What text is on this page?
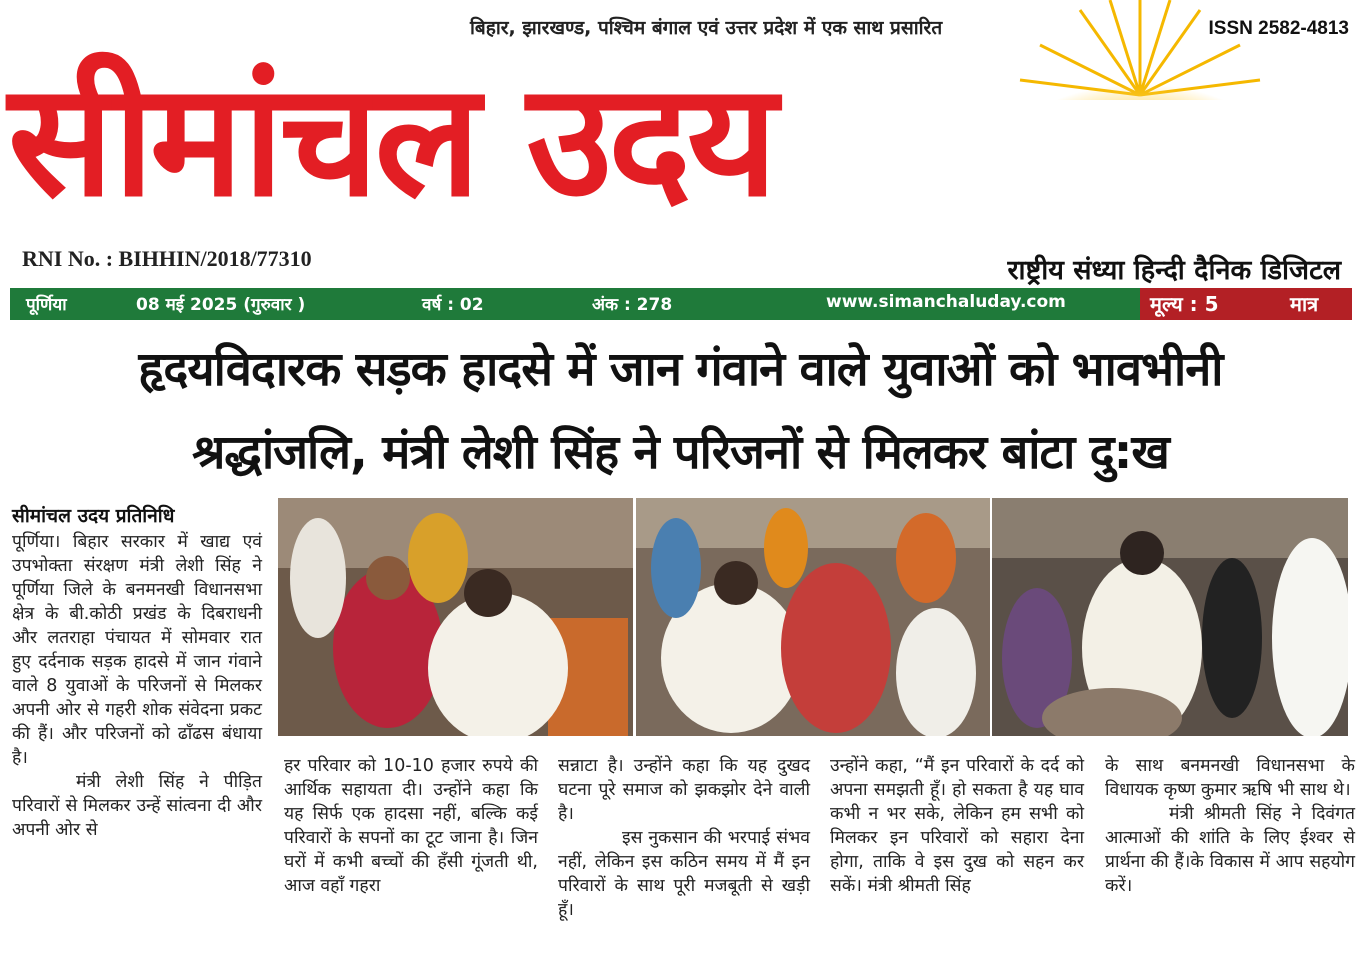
बिहार, झारखण्ड, पश्चिम बंगाल एवं उत्तर प्रदेश में एक साथ प्रसारित	ISSN 2582-4813
सीमांचल उदय
RNI No. : BIHHIN/2018/77310	राष्ट्रीय संध्या हिन्दी दैनिक डिजिटल
पूर्णिया	08 मई 2025 (गुरुवार )	वर्ष : 02	अंक : 278	www.simanchaluday.com	मूल्य : 5	मात्र
हृदयविदारक सड़क हादसे में जान गंवाने वाले युवाओं को भावभीनी
श्रद्धांजलि, मंत्री लेशी सिंह ने परिजनों से मिलकर बांटा दु:ख
सीमांचल उदय प्रतिनिधि

पूर्णिया। बिहार सरकार में खाद्य एवं उपभोक्ता संरक्षण मंत्री लेशी सिंह ने पूर्णिया जिले के बनमनखी विधानसभा क्षेत्र के बी.कोठी प्रखंड के दिबराधनी और लतराहा पंचायत में सोमवार रात हुए दर्दनाक सड़क हादसे में जान गंवाने वाले 8 युवाओं के परिजनों से मिलकर अपनी ओर से गहरी शोक संवेदना प्रकट की हैं। और परिजनों को ढाँढस बंधाया है।

मंत्री लेशी सिंह ने पीड़ित परिवारों से मिलकर उन्हें सांत्वना दी और अपनी ओर से

हर परिवार को 10-10 हजार रुपये की आर्थिक सहायता दी। उन्होंने कहा कि यह सिर्फ एक हादसा नहीं, बल्कि कई परिवारों के सपनों का टूट जाना है। जिन घरों में कभी बच्चों की हँसी गूंजती थी, आज वहाँ गहरा

सन्नाटा है। उन्होंने कहा कि यह दुखद घटना पूरे समाज को झकझोर देने वाली है।

इस नुकसान की भरपाई संभव नहीं, लेकिन इस कठिन समय में मैं इन परिवारों के साथ पूरी मजबूती से खड़ी हूँ।

उन्होंने कहा, “मैं इन परिवारों के दर्द को अपना समझती हूँ। हो सकता है यह घाव कभी न भर सके, लेकिन हम सभी को मिलकर इन परिवारों को सहारा देना होगा, ताकि वे इस दुख को सहन कर सकें। मंत्री श्रीमती सिंह

के साथ बनमनखी विधानसभा के विधायक कृष्ण कुमार ऋषि भी साथ थे।

मंत्री श्रीमती सिंह ने दिवंगत आत्माओं की शांति के लिए ईश्वर से प्रार्थना की हैं।के विकास में आप सहयोग करें।
